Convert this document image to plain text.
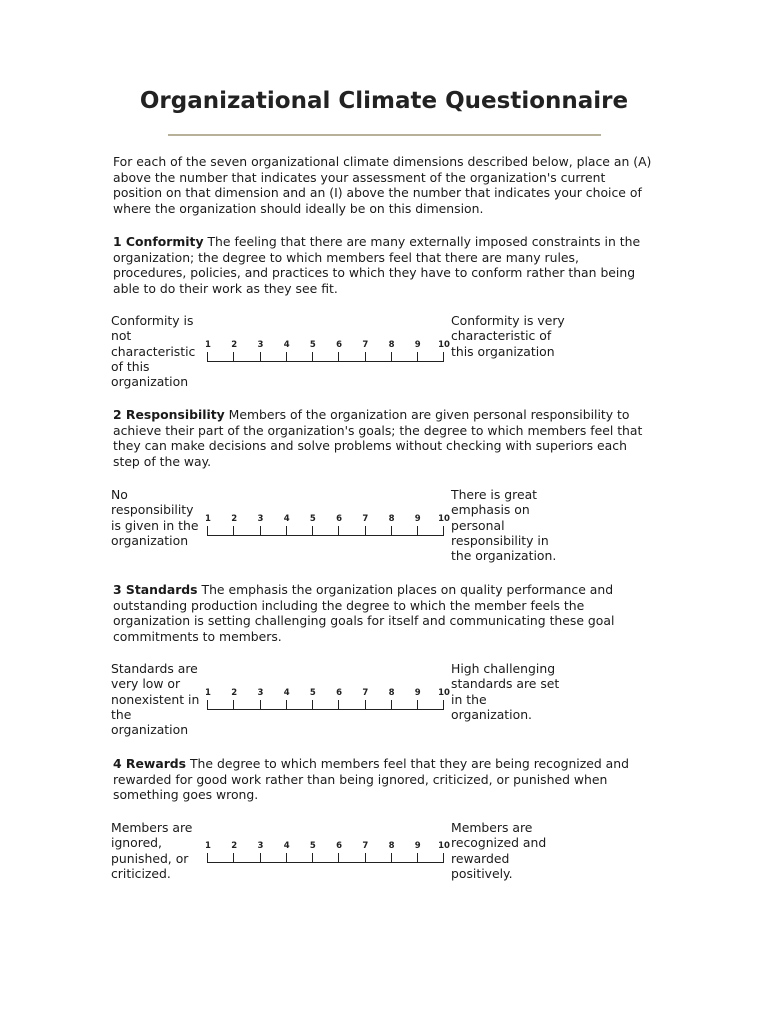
Organizational Climate Questionnaire
For each of the seven organizational climate dimensions described below, place an (A) above the number that indicates your assessment of the organization's current position on that dimension and an (I) above the number that indicates your choice of where the organization should ideally be on this dimension.
1 Conformity The feeling that there are many externally imposed constraints in the organization; the degree to which members feel that there are many rules, procedures, policies, and practices to which they have to conform rather than being able to do their work as they see fit.
Conformity is not characteristic of this organization
1	2	3	4	5	6	7	8	9	10
Conformity is very characteristic of this organization
2 Responsibility Members of the organization are given personal responsibility to achieve their part of the organization's goals; the degree to which members feel that they can make decisions and solve problems without checking with superiors each step of the way.
No responsibility is given in the organization
1	2	3	4	5	6	7	8	9	10
There is great emphasis on personal responsibility in the organization.
3 Standards The emphasis the organization places on quality performance and outstanding production including the degree to which the member feels the organization is setting challenging goals for itself and communicating these goal commitments to members.
Standards are very low or nonexistent in the organization
1	2	3	4	5	6	7	8	9	10
High challenging standards are set in the organization.
4 Rewards The degree to which members feel that they are being recognized and rewarded for good work rather than being ignored, criticized, or punished when something goes wrong.
Members are ignored, punished, or criticized.
1	2	3	4	5	6	7	8	9	10
Members are recognized and rewarded positively.
